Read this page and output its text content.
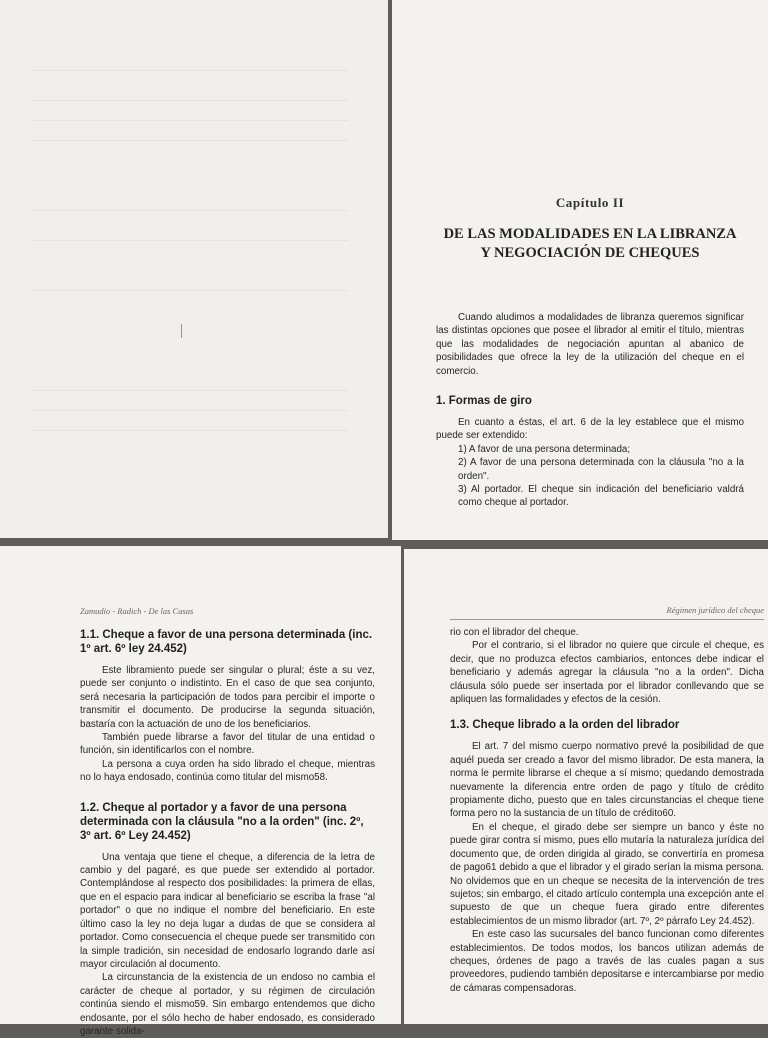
Capítulo II
DE LAS MODALIDADES EN LA LIBRANZA
Y NEGOCIACIÓN DE CHEQUES

Cuando aludimos a modalidades de libranza queremos significar las distintas opciones que posee el librador al emitir el título, mientras que las modalidades de negociación apuntan al abanico de posibilidades que ofrece la ley de la utilización del cheque en el comercio.

1. Formas de giro

En cuanto a éstas, el art. 6 de la ley establece que el mismo puede ser extendido:

1) A favor de una persona determinada;

2) A favor de una persona determinada con la cláusula "no a la orden".

3) Al portador. El cheque sin indicación del beneficiario valdrá como cheque al portador.

Zamudio - Radich - De las Casas
1.1. Cheque a favor de una persona determinada (inc. 1º art. 6º ley 24.452)

Este libramiento puede ser singular o plural; éste a su vez, puede ser conjunto o indistinto. En el caso de que sea conjunto, será necesaria la participación de todos para percibir el importe o transmitir el documento. De producirse la segunda situación, bastaría con la actuación de uno de los beneficiarios.

También puede librarse a favor del titular de una entidad o función, sin identificarlos con el nombre.

La persona a cuya orden ha sido librado el cheque, mientras no lo haya endosado, continúa como titular del mismo58.

1.2. Cheque al portador y a favor de una persona determinada con la cláusula "no a la orden" (inc. 2º, 3º art. 6º Ley 24.452)

Una ventaja que tiene el cheque, a diferencia de la letra de cambio y del pagaré, es que puede ser extendido al portador. Contemplándose al respecto dos posibilidades: la primera de ellas, que en el espacio para indicar al beneficiario se escriba la frase "al portador" o que no indique el nombre del beneficiario. En este último caso la ley no deja lugar a dudas de que se considera al portador. Como consecuencia el cheque puede ser transmitido con la simple tradición, sin necesidad de endosarlo logrando darle así mayor circulación al documento.

La circunstancia de la existencia de un endoso no cambia el carácter de cheque al portador, y su régimen de circulación continúa siendo el mismo59. Sin embargo entendemos que dicho endosante, por el sólo hecho de haber endosado, es considerado garante solida-

Régimen jurídico del cheque

rio con el librador del cheque.

Por el contrario, si el librador no quiere que circule el cheque, es decir, que no produzca efectos cambiarios, entonces debe indicar el beneficiario y además agregar la cláusula "no a la orden". Dicha cláusula sólo puede ser insertada por el librador conllevando que se apliquen las formalidades y efectos de la cesión.

1.3. Cheque librado a la orden del librador

El art. 7 del mismo cuerpo normativo prevé la posibilidad de que aquél pueda ser creado a favor del mismo librador. De esta manera, la norma le permite librarse el cheque a sí mismo; quedando demostrada nuevamente la diferencia entre orden de pago y título de crédito propiamente dicho, puesto que en tales circunstancias el cheque tiene forma pero no la sustancia de un título de crédito60.

En el cheque, el girado debe ser siempre un banco y éste no puede girar contra sí mismo, pues ello mutaría la naturaleza jurídica del documento que, de orden dirigida al girado, se convertiría en promesa de pago61 debido a que el librador y el girado serían la misma persona. No olvidemos que en un cheque se necesita de la intervención de tres sujetos; sin embargo, el citado artículo contempla una excepción ante el supuesto de que un cheque fuera girado entre diferentes establecimientos de un mismo librador (art. 7º, 2º párrafo Ley 24.452).

En este caso las sucursales del banco funcionan como diferentes establecimientos. De todos modos, los bancos utilizan además de cheques, órdenes de pago a través de las cuales pagan a sus proveedores, pudiendo también depositarse e intercambiarse por medio de cámaras compensadoras.
